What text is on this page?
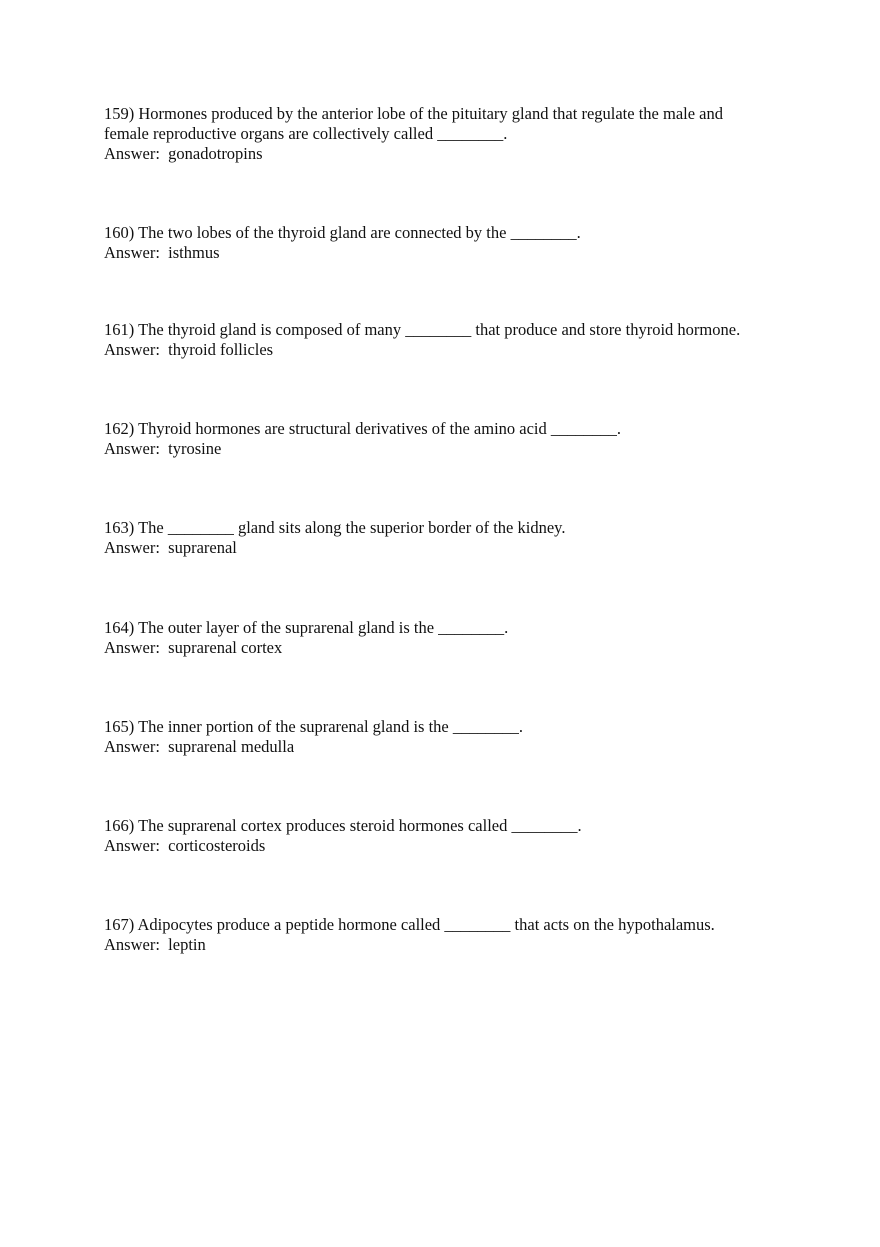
159) Hormones produced by the anterior lobe of the pituitary gland that regulate the male and female reproductive organs are collectively called ________.

Answer: gonadotropins

160) The two lobes of the thyroid gland are connected by the ________.

Answer: isthmus

161) The thyroid gland is composed of many ________ that produce and store thyroid hormone.

Answer: thyroid follicles

162) Thyroid hormones are structural derivatives of the amino acid ________.

Answer: tyrosine

163) The ________ gland sits along the superior border of the kidney.

Answer: suprarenal

164) The outer layer of the suprarenal gland is the ________.

Answer: suprarenal cortex

165) The inner portion of the suprarenal gland is the ________.

Answer: suprarenal medulla

166) The suprarenal cortex produces steroid hormones called ________.

Answer: corticosteroids

167) Adipocytes produce a peptide hormone called ________ that acts on the hypothalamus.

Answer: leptin
